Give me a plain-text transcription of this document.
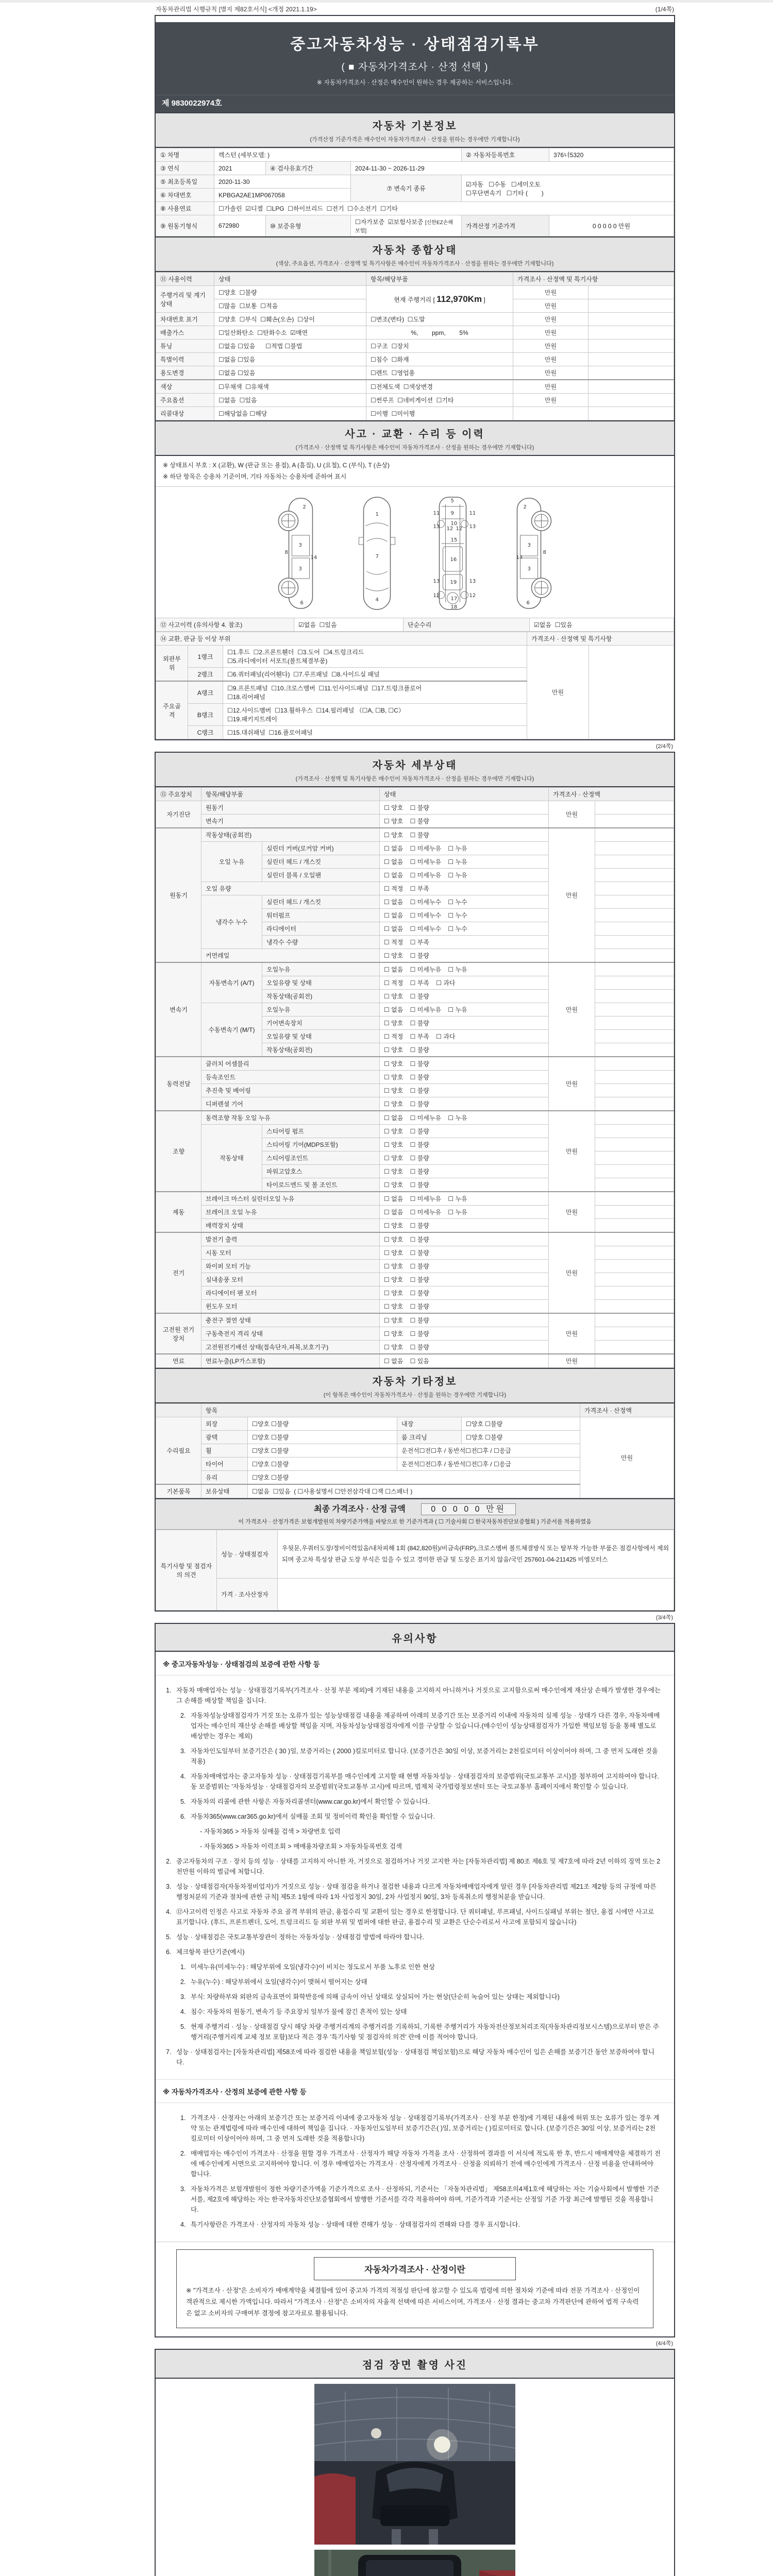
자동차관리법 시행규칙 [별지 제82호서식] <개정 2021.1.19>	(1/4쪽)
중고자동차성능 · 상태점검기록부
( ■ 자동차가격조사 · 산정 선택 )
※ 자동차가격조사 · 산정은 매수인이 원하는 경우 제공하는 서비스입니다.
제 9830022974호
자동차 기본정보
(가격산정 기준가격은 매수인이 자동차가격조사 · 산정을 원하는 경우에만 기재합니다)
① 차명	렉스턴 (세부모델: )			② 자동차등록번호	376너5320
③ 연식	2021	④ 검사유효기간	2024-11-30 ~ 2026-11-29		
⑤ 최초등록일	2020-11-30		⑦ 변속기 종류	☑자동   ☐수동   ☐세미오토
☐무단변속기   ☐기타 (        )	
⑥ 차대번호	KPBGA2AE1MP067058				
⑧ 사용연료	☐가솔린  ☑디젤  ☐LPG  ☐하이브리드  ☐전기  ☐수소전기  ☐기타				
⑨ 원동기형식	672980	⑩ 보증유형	☐자가보증  ☑보험사보증 [신한EZ손해보험]	가격산정 기준가격	0 0 0 0 0 만원
자동차 종합상태
(색상, 주요옵션, 가격조사 · 산정액 및 특기사항은 매수인이 자동차가격조사 · 산정을 원하는 경우에만 기재합니다)
⑪ 사용이력	상태	항목/해당부품	가격조사 · 산정액 및 특기사항	
주행거리 및 계기상태	☐양호  ☐불량	현재 주행거리 [ 112,970Km ]	만원	
	☐많음  ☐보통  ☐적음		만원	
차대번호 표기	☐양호  ☐부식  ☐훼손(오손)  ☐상이	☐변조(변타)  ☐도말	만원	
배출가스	☐일산화탄소  ☐탄화수소  ☑매연	%,        ppm,        5%	만원	
튜닝	☐없음 ☐있음      ☐적법 ☐불법	☐구조  ☐장치	만원	
특별이력	☐없음 ☐있음	☐침수  ☐화재	만원	
용도변경	☐없음 ☐있음	☐렌트  ☐영업용	만원	
색상	☐무채색  ☐유채색	☐전체도색  ☐색상변경	만원	
주요옵션	☐없음  ☐있음	☐썬루프  ☐네비게이션  ☐기타	만원	
리콜대상	☐해당없음 ☐해당	☐이행  ☐미이행		
사고 · 교환 · 수리 등 이력
(가격조사 · 산정액 및 특기사항은 매수인이 자동차가격조사 · 산정을 원하는 경우에만 기재합니다)
※ 상태표시 부호 : X (교환), W (판금 또는 용접), A (흠집), U (요철), C (부식), T (손상)
※ 하단 항목은 승용차 기준이며, 기타 자동차는 승용차에 준하여 표시
2
8
3
14
3
6
1
7
4
5
9
11	11
13 12 12 13
10
15
16
13 19 13
12
17
12
18
2
3
8
14
3
6
⑫ 사고이력 (유의사항 4. 참조)	☑없음  ☐있음	단순수리	☑없음  ☐있음
⑭ 교환, 판금 등 이상 부위			가격조사 · 산정액 및 특기사항	
외판부위	1랭크	☐1.후드  ☐2.프론트휀더  ☐3.도어  ☐4.트렁크리드
☐5.라디에이터 서포트(볼트체결부품)	만원	
	2랭크	☐6.쿼터패널(리어휀다)  ☐7.루프패널  ☐8.사이드실 패널		
주요골격	A랭크	☐9.프론트패널  ☐10.크로스멤버  ☐11.인사이드패널  ☐17.트렁크플로어
☐18.리어패널		
	B랭크	☐12.사이드멤버  ☐13.휠하우스  ☐14.필러패널 （☐A, ☐B, ☐C）
☐19.패키지트레이		
	C랭크	☐15.대쉬패널  ☐16.플로어패널		
(2/4쪽)
자동차 세부상태
(가격조사 · 산정액 및 특기사항은 매수인이 자동차가격조사 · 산정을 원하는 경우에만 기재합니다)
⑮ 주요장치	항목/해당부품		상태	가격조사 · 산정액	
자기진단	원동기		☐ 양호    ☐ 불량	만원	
	변속기		☐ 양호    ☐ 불량		
원동기	작동상태(공회전)		☐ 양호    ☐ 불량	만원	
	오일 누유	실린더 커버(로커암 커버)	☐ 없음    ☐ 미세누유    ☐ 누유		
		실린더 헤드 / 개스킷	☐ 없음    ☐ 미세누유    ☐ 누유		
		실린더 블록 / 오일팬	☐ 없음    ☐ 미세누유    ☐ 누유		
	오일 유량		☐ 적정    ☐ 부족		
	냉각수 누수	실린더 헤드 / 개스킷	☐ 없음    ☐ 미세누수    ☐ 누수		
		워터펌프	☐ 없음    ☐ 미세누수    ☐ 누수		
		라디에이터	☐ 없음    ☐ 미세누수    ☐ 누수		
		냉각수 수량	☐ 적정    ☐ 부족		
	커먼레일		☐ 양호    ☐ 불량		
변속기	자동변속기 (A/T)	오일누유	☐ 없음    ☐ 미세누유    ☐ 누유	만원	
		오일유량 및 상태	☐ 적정    ☐ 부족    ☐ 과다		
		작동상태(공회전)	☐ 양호    ☐ 불량		
	수동변속기 (M/T)	오일누유	☐ 없음    ☐ 미세누유    ☐ 누유		
		기어변속장치	☐ 양호    ☐ 불량		
		오일유량 및 상태	☐ 적정    ☐ 부족    ☐ 과다		
		작동상태(공회전)	☐ 양호    ☐ 불량		
동력전달	클러치 어셈블리		☐ 양호    ☐ 불량	만원	
	등속조인트		☐ 양호    ☐ 불량		
	추진축 및 베어링		☐ 양호    ☐ 불량		
	디퍼렌셜 기어		☐ 양호    ☐ 불량		
조향	동력조향 작동 오일 누유		☐ 없음    ☐ 미세누유    ☐ 누유	만원	
	작동상태	스티어링 펌프	☐ 양호    ☐ 불량		
		스티어링 기어(MDPS포함)	☐ 양호    ☐ 불량		
		스티어링조인트	☐ 양호    ☐ 불량		
		파워고압호스	☐ 양호    ☐ 불량		
		타이로드엔드 및 볼 조인트	☐ 양호    ☐ 불량		
제동	브레이크 마스터 실린더오일 누유		☐ 없음    ☐ 미세누유    ☐ 누유	만원	
	브레이크 오일 누유		☐ 없음    ☐ 미세누유    ☐ 누유		
	배력장치 상태		☐ 양호    ☐ 불량		
전기	발전기 출력		☐ 양호    ☐ 불량	만원	
	시동 모터		☐ 양호    ☐ 불량		
	와이퍼 모터 기능		☐ 양호    ☐ 불량		
	실내송풍 모터		☐ 양호    ☐ 불량		
	라디에이터 팬 모터		☐ 양호    ☐ 불량		
	윈도우 모터		☐ 양호    ☐ 불량		
고전원 전기장치	충전구 절연 상태		☐ 양호    ☐ 불량	만원	
	구동축전지 격리 상태		☐ 양호    ☐ 불량		
	고전원전기배선 상태(접속단자,피복,보호기구)		☐ 양호    ☐ 불량		
연료	연료누출(LP가스포함)		☐ 없음    ☐ 있음	만원	
자동차 기타정보
(이 항목은 매수인이 자동차가격조사 · 산정을 원하는 경우에만 기재합니다)
	항목				가격조사 · 산정액
수리필요	외장	☐양호 ☐불량	내장	☐양호 ☐불량	만원
	광택	☐양호 ☐불량	룸 크리닝	☐양호 ☐불량	
	휠	☐양호 ☐불량	운전석☐전☐후 / 동반석☐전☐후 / ☐응급		
	타이어	☐양호 ☐불량	운전석☐전☐후 / 동반석☐전☐후 / ☐응급		
	유리	☐양호 ☐불량			
기본품목	보유상태	☐없음  ☐있음  ( ☐사용설명서 ☐안전삼각대 ☐잭 ☐스패너 )			
최종 가격조사 · 산정 금액	0 0 0 0 0 만원
이 가격조사 · 산정가격은 보험개발원의 차량기준가액을 바탕으로 한 기준가격과 ( ☐ 기술사회 ☐ 한국자동차진단보증협회 ) 기준서를 적용하였음
특기사항 및 점검자의 의견	성능 · 상태점검자	우뒷문,우쿼터도장/정비이력있음/내차피해 1회 (842,820원)/비금속(FRP),크로스멤버 볼트체결방식 또는 탈부착 가능한 부품은 점검사항에서 제외되며 중고차 특성상 판금 도장 부식은 있을 수 있고 경미한 판금 및 도장은 표기치 않음/국민 257601-04-211425 비엠모터스
	가격 · 조사산정자	
(3/4쪽)
유의사항
※ 중고자동차성능 · 상태점검의 보증에 관한 사항 등

1. 자동차 매매업자는 성능 · 상태점검기록부(가격조사 · 산정 부분 제외)에 기재된 내용을 고지하지 아니하거나 거짓으로 고지함으로써 매수인에게 재산상 손해가 발생한 경우에는 그 손해를 배상할 책임을 집니다.

2. 자동차성능상태점검자가 거짓 또는 오류가 있는 성능상태점검 내용을 제공하여 아래의 보증기간 또는 보증거리 이내에 자동차의 실제 성능 · 상태가 다른 경우, 자동차매매업자는 매수인의 재산상 손해를 배상할 책임을 지며, 자동차성능상태점검자에게 이를 구상할 수 있습니다.(매수인이 성능상태점검자가 가입한 책임보험 등을 통해 별도로 배상받는 경우는 제외)

3. 자동차인도일부터 보증기간은 ( 30 )일, 보증거리는 ( 2000 )킬로미터로 합니다. (보증기간은 30일 이상, 보증거리는 2천킬로미터 이상이어야 하며, 그 중 먼저 도래한 것을 적용)

4. 자동차매매업자는 중고자동차 성능 · 상태점검기록부를 매수인에게 고지할 때 현행 자동차성능 · 상태점검자의 보증범위(국토교통부 고시)를 첨부하여 고지하여야 합니다. 동 보증범위는 '자동차성능 · 상태점검자의 보증범위'(국토교통부 고시)에 따르며, 법제처 국가법령정보센터 또는 국토교통부 홈페이지에서 확인할 수 있습니다.

5. 자동차의 리콜에 관한 사항은 자동차리콜센터(www.car.go.kr)에서 확인할 수 있습니다.

6. 자동차365(www.car365.go.kr)에서 실매물 조회 및 정비이력 확인을 확인할 수 있습니다.

- 자동차365 > 자동차 실매물 검색 > 차량번호 입력

- 자동차365 > 자동차 이력조회 > 매매용차량조회 > 자동차등록번호 검색

2. 중고자동차의 구조 · 장치 등의 성능 · 상태를 고지하지 아니한 자, 거짓으로 점검하거나 거짓 고지한 자는 [자동차관리법] 제 80조 제6호 및 제7호에 따라 2년 이하의 징역 또는 2천만원 이하의 벌금에 처합니다.

3. 성능 · 상태점검자(자동차정비업자)가 거짓으로 성능 · 상태 점검을 하거나 점검한 내용과 다르게 자동차매매업자에게 알린 경우 [자동차관리법 제21조 제2항 등의 규정에 따른 행정처분의 기준과 절차에 관한 규칙] 제5조 1항에 따라 1차 사업정지 30일, 2차 사업정지 90일, 3차 등록취소의 행정처분을 받습니다.

4. ⑫사고이력 인정은 사고로 자동차 주요 골격 부위의 판금, 용접수리 및 교환이 있는 경우로 한정합니다. 단 쿼터패널, 루프패널, 사이드실패널 부위는 절단, 용접 시에만 사고로 표기합니다. (후드, 프론트펜더, 도어, 트렁크리드 등 외판 부위 및 범퍼에 대한 판금, 용접수리 및 교환은 단순수리로서 사고에 포함되지 않습니다)

5. 성능 · 상태점검은 국토교통부장관이 정하는 자동차성능 · 상태점검 방법에 따라야 합니다.

6. 체크항목 판단기준(예시)

1. 미세누유(미세누수) : 해당부위에 오일(냉각수)이 비치는 정도로서 부품 노후로 인한 현상

2. 누유(누수) : 해당부위에서 오일(냉각수)이 맺혀서 떨어지는 상태

3. 부식: 차량하부와 외판의 금속표면이 화학반응에 의해 금속이 아닌 상태로 상실되어 가는 현상(단순히 녹슬어 있는 상태는 제외합니다)

4. 침수: 자동차의 원동기, 변속기 등 주요장치 일부가 물에 잠긴 흔적이 있는 상태

5. 현재 주행거리 · 성능 · 상태점검 당시 해당 차량 주행거리계의 주행거리를 기록하되, 기록한 주행거리가 자동차전산정보처리조직(자동차관리정보시스템)으로부터 받은 주행거리(주행거리계 교체 정보 포함)보다 적은 경우 '특기사항 및 점검자의 의견' 란에 이를 적어야 합니다.

7. 성능 · 상태점검자는 [자동차관리법] 제58조에 따라 점검한 내용을 책임보험(성능 · 상태점검 책임보험)으로 해당 자동차 매수인이 입은 손해를 보증기간 동안 보증하여야 합니다.

※ 자동차가격조사 · 산정의 보증에 관한 사항 등

1. 가격조사 · 산정자는 아래의 보증기간 또는 보증거리 이내에 중고자동차 성능 · 상태점검기록부(가격조사 · 산정 부분 한정)에 기재된 내용에 허위 또는 오류가 있는 경우 계약 또는 관계법령에 따라 매수인에 대하여 책임을 집니다. · 자동차인도일부터 보증기간은( )일, 보증거리는 ( )킬로미터로 합니다. (보증기간은 30일 이상, 보증거리는 2천킬로미터 이상이어야 하며, 그 중 먼저 도래한 것을 적용합니다)

2. 매매업자는 매수인이 가격조사 · 산정을 원할 경우 가격조사 · 산정자가 해당 자동차 가격을 조사 · 산정하여 결과를 이 서식에 적도록 한 후, 반드시 매매계약을 체결하기 전에 매수인에게 서면으로 고지하여야 합니다. 이 경우 매매업자는 가격조사 · 산정자에게 가격조사 · 산정을 의뢰하기 전에 매수인에게 가격조사 · 산정 비용을 안내하여야 합니다.

3. 자동차가격은 보험개발원이 정한 차량기준가액을 기준가격으로 조사 · 산정하되, 기준서는 「자동차관리법」 제58조의4제1호에 해당하는 자는 기술사회에서 발행한 기준서를, 제2호에 해당하는 자는 한국자동차진단보증협회에서 발행한 기준서를 각각 적용하여야 하며, 기준가격과 기준서는 산정일 기준 가장 최근에 발행된 것을 적용합니다.

4. 특기사항란은 가격조사 · 산정자의 자동차 성능 · 상태에 대한 견해가 성능 · 상태점검자의 견해와 다를 경우 표시합니다.

자동차가격조사 · 산정이란
※ "가격조사 · 산정"은 소비자가 매매계약을 체결함에 있어 중고차 가격의 적절성 판단에 참고할 수 있도록 법령에 의한 절차와 기준에 따라 전문 가격조사 · 산정인이 객관적으로 제시한 가액입니다. 따라서 "가격조사 · 산정"은 소비자의 자율적 선택에 따른 서비스이며, 가격조사 · 산정 결과는 중고차 가격판단에 관하여 법적 구속력은 없고 소비자의 구매여부 결정에 참고자료로 활용됩니다.
(4/4쪽)
점검 장면 촬영 사진
